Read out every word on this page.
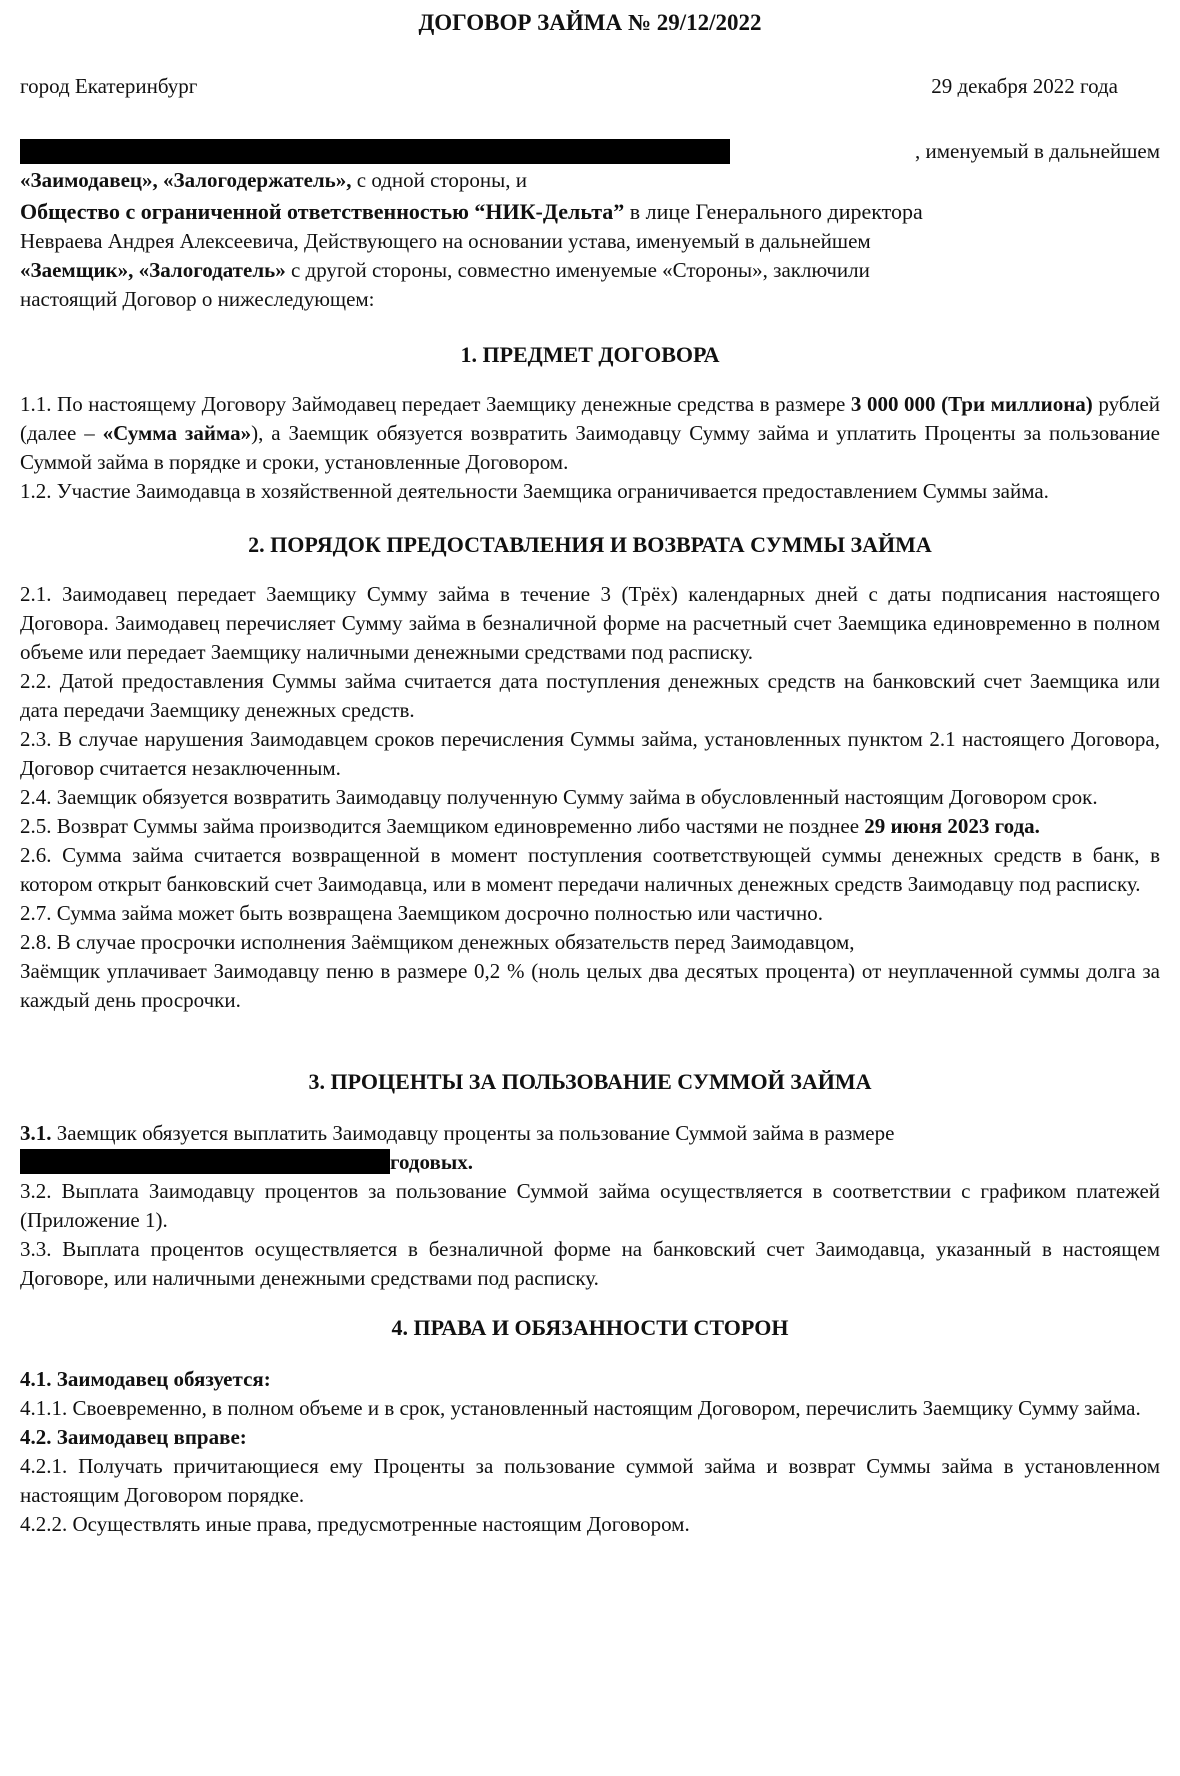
ДОГОВОР ЗАЙМА № 29/12/2022
город Екатеринбург	29 декабря 2022 года

, именуемый в дальнейшем

«Заимодавец», «Залогодержатель», с одной стороны, и

Общество с ограниченной ответственностью “НИК-Дельта” в лице Генерального директора

Невраева Андрея Алексеевича, Действующего на основании устава, именуемый в дальнейшем

«Заемщик», «Залогодатель» с другой стороны, совместно именуемые «Стороны», заключили

настоящий Договор о нижеследующем:

1. ПРЕДМЕТ ДОГОВОРА

1.1. По настоящему Договору Займодавец передает Заемщику денежные средства в размере 3 000 000 (Три миллиона) рублей (далее – «Сумма займа»), а Заемщик обязуется возвратить Заимодавцу Сумму займа и уплатить Проценты за пользование Суммой займа в порядке и сроки, установленные Договором.

1.2. Участие Заимодавца в хозяйственной деятельности Заемщика ограничивается предоставлением Суммы займа.

2. ПОРЯДОК ПРЕДОСТАВЛЕНИЯ И ВОЗВРАТА СУММЫ ЗАЙМА

2.1. Заимодавец передает Заемщику Сумму займа в течение 3 (Трёх) календарных дней с даты подписания настоящего Договора. Заимодавец перечисляет Сумму займа в безналичной форме на расчетный счет Заемщика единовременно в полном объеме или передает Заемщику наличными денежными средствами под расписку.

2.2. Датой предоставления Суммы займа считается дата поступления денежных средств на банковский счет Заемщика или дата передачи Заемщику денежных средств.

2.3. В случае нарушения Заимодавцем сроков перечисления Суммы займа, установленных пунктом 2.1 настоящего Договора, Договор считается незаключенным.

2.4. Заемщик обязуется возвратить Заимодавцу полученную Сумму займа в обусловленный настоящим Договором срок.

2.5. Возврат Суммы займа производится Заемщиком единовременно либо частями не позднее 29 июня 2023 года.

2.6. Сумма займа считается возвращенной в момент поступления соответствующей суммы денежных средств в банк, в котором открыт банковский счет Заимодавца, или в момент передачи наличных денежных средств Заимодавцу под расписку.

2.7. Сумма займа может быть возвращена Заемщиком досрочно полностью или частично.

2.8. В случае просрочки исполнения Заёмщиком денежных обязательств перед Заимодавцом,

Заёмщик уплачивает Заимодавцу пеню в размере 0,2 % (ноль целых два десятых процента) от неуплаченной суммы долга за каждый день просрочки.

3. ПРОЦЕНТЫ ЗА ПОЛЬЗОВАНИЕ СУММОЙ ЗАЙМА

3.1. Заемщик обязуется выплатить Заимодавцу проценты за пользование Суммой займа в размере

годовых.

3.2. Выплата Заимодавцу процентов за пользование Суммой займа осуществляется в соответствии с графиком платежей (Приложение 1).

3.3. Выплата процентов осуществляется в безналичной форме на банковский счет Заимодавца, указанный в настоящем Договоре, или наличными денежными средствами под расписку.

4. ПРАВА И ОБЯЗАННОСТИ СТОРОН

4.1. Заимодавец обязуется:

4.1.1. Своевременно, в полном объеме и в срок, установленный настоящим Договором, перечислить Заемщику Сумму займа.

4.2. Заимодавец вправе:

4.2.1. Получать причитающиеся ему Проценты за пользование суммой займа и возврат Суммы займа в установленном настоящим Договором порядке.

4.2.2. Осуществлять иные права, предусмотренные настоящим Договором.
